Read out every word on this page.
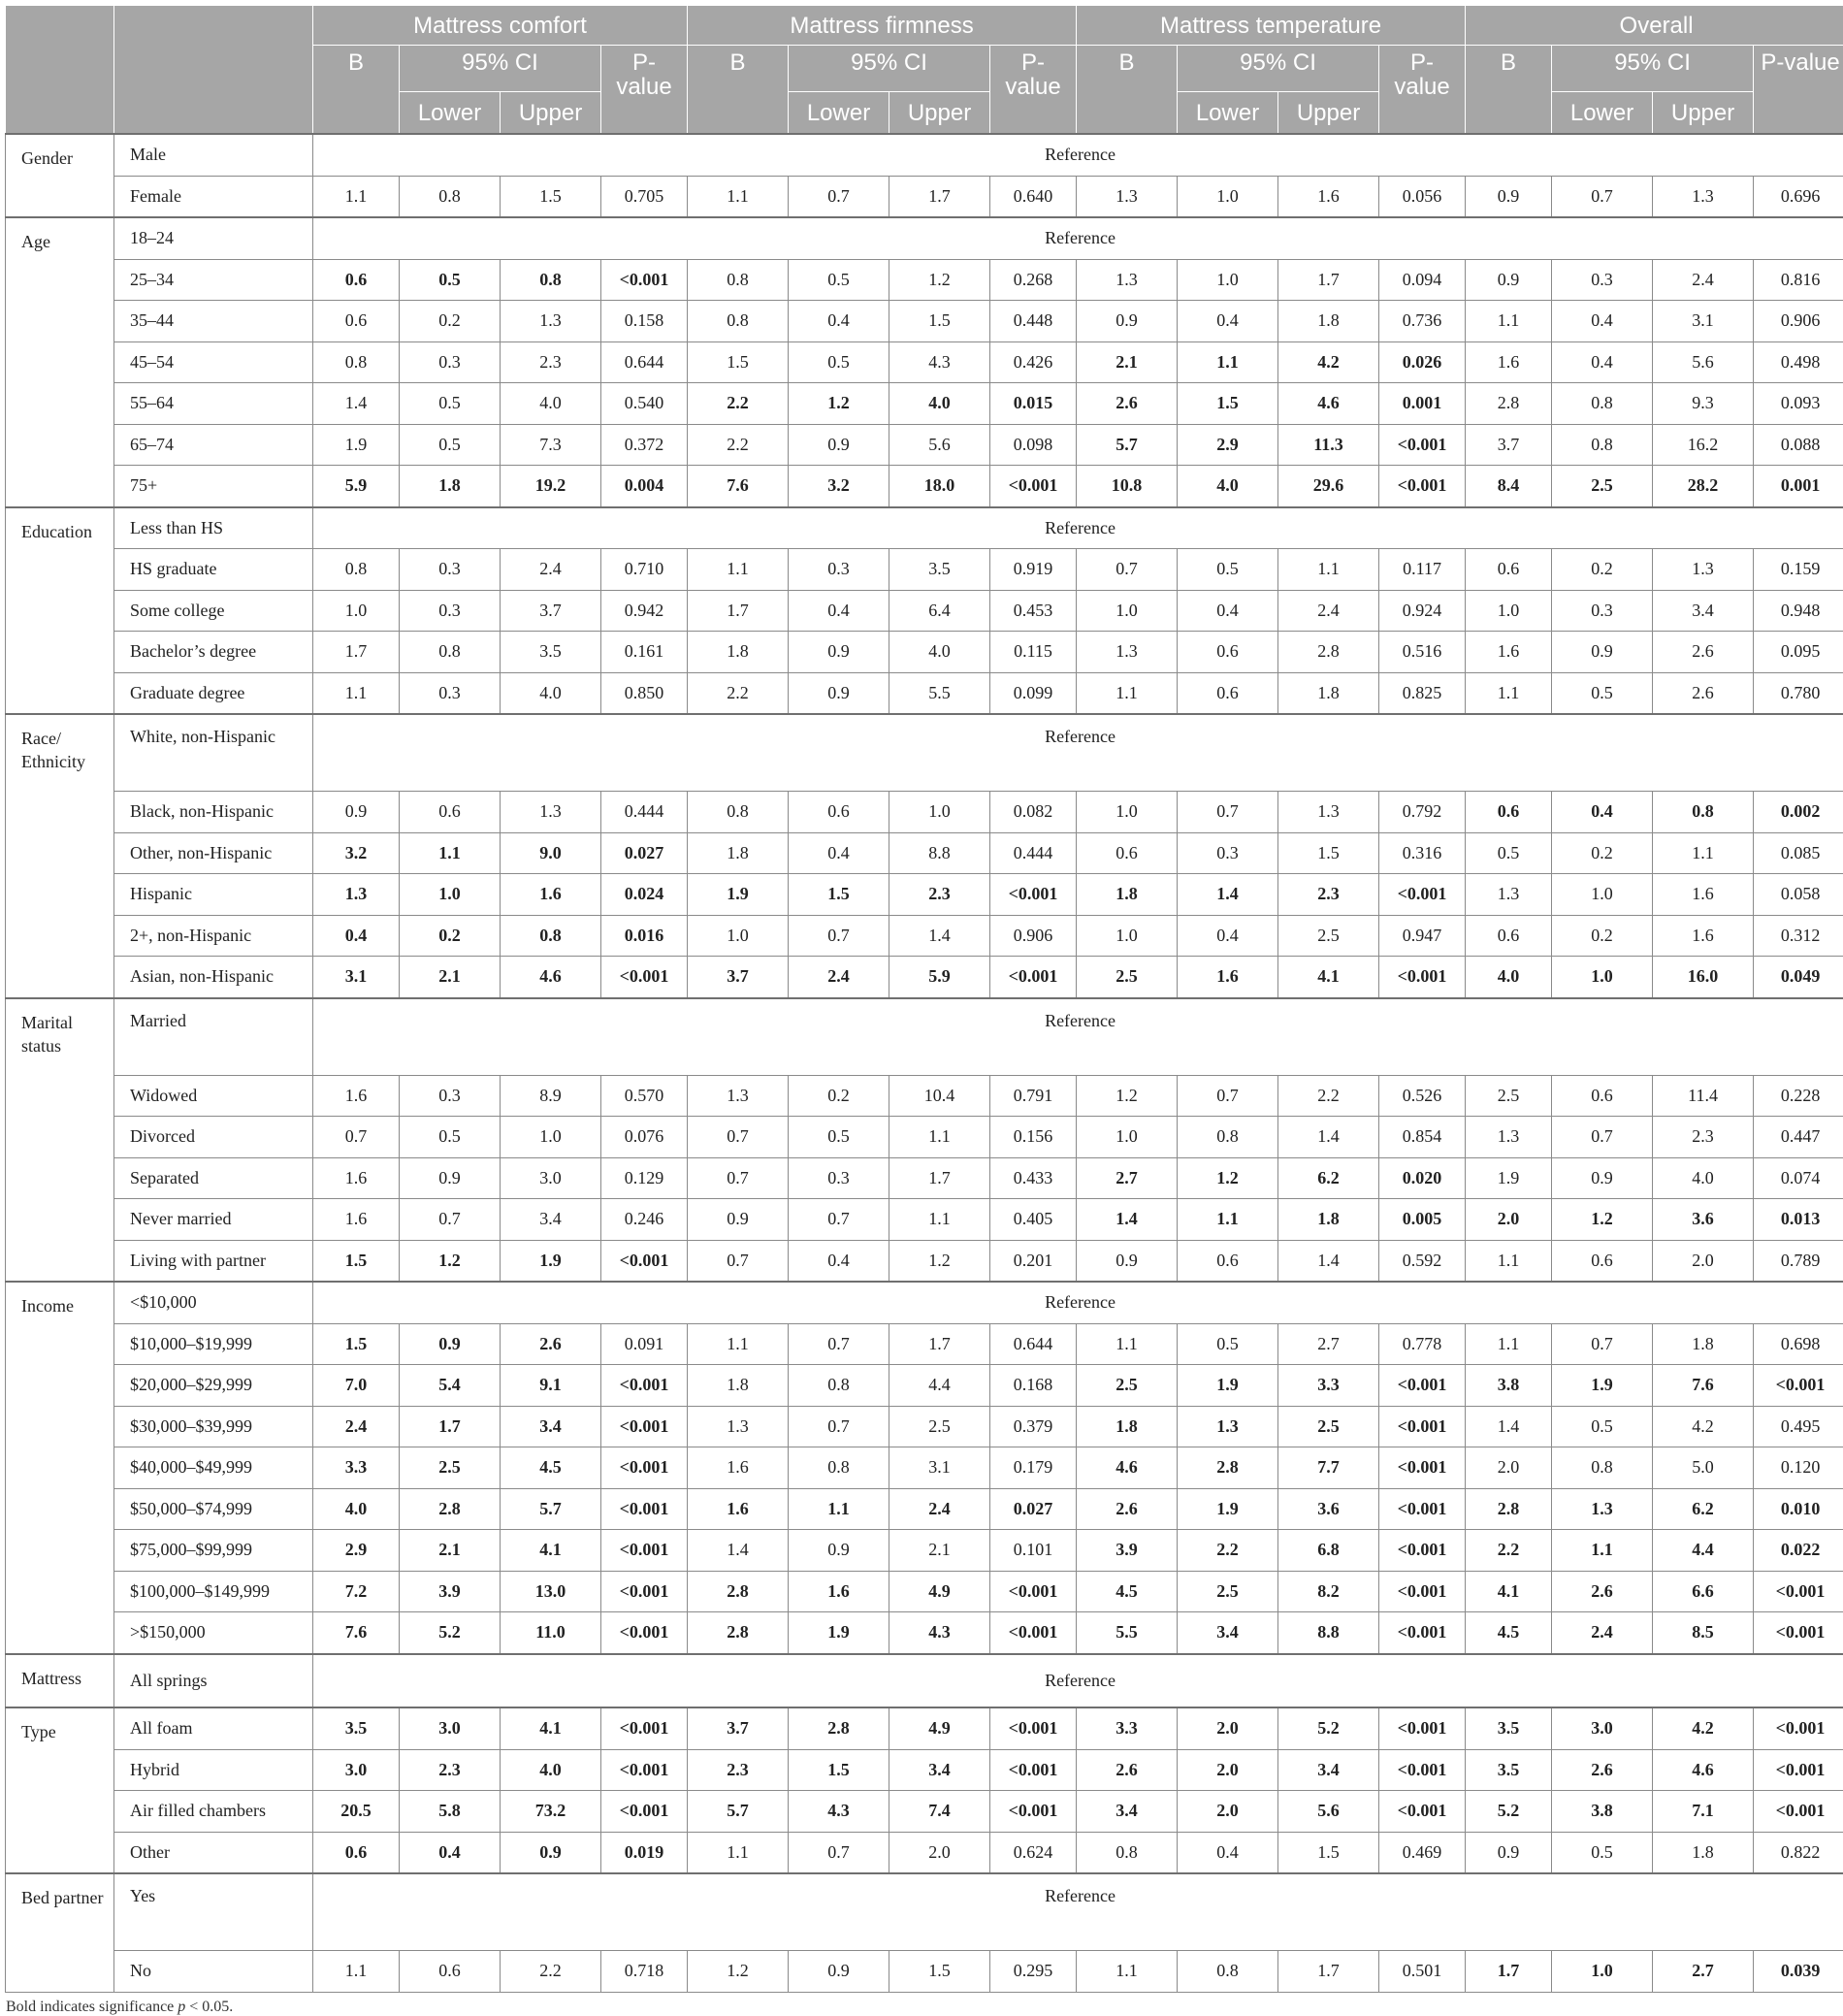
		Mattress comfort				Mattress firmness				Mattress temperature				Overall			
		B	95% CI		P-value	B	95% CI		P-value	B	95% CI		P-value	B	95% CI		P-value
			Lower	Upper			Lower	Upper			Lower	Upper			Lower	Upper	
Gender	Male	Reference															
	Female	1.1	0.8	1.5	0.705	1.1	0.7	1.7	0.640	1.3	1.0	1.6	0.056	0.9	0.7	1.3	0.696
Age	18–24	Reference															
	25–34	0.6	0.5	0.8	<0.001	0.8	0.5	1.2	0.268	1.3	1.0	1.7	0.094	0.9	0.3	2.4	0.816
	35–44	0.6	0.2	1.3	0.158	0.8	0.4	1.5	0.448	0.9	0.4	1.8	0.736	1.1	0.4	3.1	0.906
	45–54	0.8	0.3	2.3	0.644	1.5	0.5	4.3	0.426	2.1	1.1	4.2	0.026	1.6	0.4	5.6	0.498
	55–64	1.4	0.5	4.0	0.540	2.2	1.2	4.0	0.015	2.6	1.5	4.6	0.001	2.8	0.8	9.3	0.093
	65–74	1.9	0.5	7.3	0.372	2.2	0.9	5.6	0.098	5.7	2.9	11.3	<0.001	3.7	0.8	16.2	0.088
	75+	5.9	1.8	19.2	0.004	7.6	3.2	18.0	<0.001	10.8	4.0	29.6	<0.001	8.4	2.5	28.2	0.001
Education	Less than HS	Reference															
	HS graduate	0.8	0.3	2.4	0.710	1.1	0.3	3.5	0.919	0.7	0.5	1.1	0.117	0.6	0.2	1.3	0.159
	Some college	1.0	0.3	3.7	0.942	1.7	0.4	6.4	0.453	1.0	0.4	2.4	0.924	1.0	0.3	3.4	0.948
	Bachelor’s degree	1.7	0.8	3.5	0.161	1.8	0.9	4.0	0.115	1.3	0.6	2.8	0.516	1.6	0.9	2.6	0.095
	Graduate degree	1.1	0.3	4.0	0.850	2.2	0.9	5.5	0.099	1.1	0.6	1.8	0.825	1.1	0.5	2.6	0.780
Race/ Ethnicity	White, non-Hispanic	Reference															
	Black, non-Hispanic	0.9	0.6	1.3	0.444	0.8	0.6	1.0	0.082	1.0	0.7	1.3	0.792	0.6	0.4	0.8	0.002
	Other, non-Hispanic	3.2	1.1	9.0	0.027	1.8	0.4	8.8	0.444	0.6	0.3	1.5	0.316	0.5	0.2	1.1	0.085
	Hispanic	1.3	1.0	1.6	0.024	1.9	1.5	2.3	<0.001	1.8	1.4	2.3	<0.001	1.3	1.0	1.6	0.058
	2+, non-Hispanic	0.4	0.2	0.8	0.016	1.0	0.7	1.4	0.906	1.0	0.4	2.5	0.947	0.6	0.2	1.6	0.312
	Asian, non-Hispanic	3.1	2.1	4.6	<0.001	3.7	2.4	5.9	<0.001	2.5	1.6	4.1	<0.001	4.0	1.0	16.0	0.049
Marital status	Married	Reference															
	Widowed	1.6	0.3	8.9	0.570	1.3	0.2	10.4	0.791	1.2	0.7	2.2	0.526	2.5	0.6	11.4	0.228
	Divorced	0.7	0.5	1.0	0.076	0.7	0.5	1.1	0.156	1.0	0.8	1.4	0.854	1.3	0.7	2.3	0.447
	Separated	1.6	0.9	3.0	0.129	0.7	0.3	1.7	0.433	2.7	1.2	6.2	0.020	1.9	0.9	4.0	0.074
	Never married	1.6	0.7	3.4	0.246	0.9	0.7	1.1	0.405	1.4	1.1	1.8	0.005	2.0	1.2	3.6	0.013
	Living with partner	1.5	1.2	1.9	<0.001	0.7	0.4	1.2	0.201	0.9	0.6	1.4	0.592	1.1	0.6	2.0	0.789
Income	<$10,000	Reference															
	$10,000–$19,999	1.5	0.9	2.6	0.091	1.1	0.7	1.7	0.644	1.1	0.5	2.7	0.778	1.1	0.7	1.8	0.698
	$20,000–$29,999	7.0	5.4	9.1	<0.001	1.8	0.8	4.4	0.168	2.5	1.9	3.3	<0.001	3.8	1.9	7.6	<0.001
	$30,000–$39,999	2.4	1.7	3.4	<0.001	1.3	0.7	2.5	0.379	1.8	1.3	2.5	<0.001	1.4	0.5	4.2	0.495
	$40,000–$49,999	3.3	2.5	4.5	<0.001	1.6	0.8	3.1	0.179	4.6	2.8	7.7	<0.001	2.0	0.8	5.0	0.120
	$50,000–$74,999	4.0	2.8	5.7	<0.001	1.6	1.1	2.4	0.027	2.6	1.9	3.6	<0.001	2.8	1.3	6.2	0.010
	$75,000–$99,999	2.9	2.1	4.1	<0.001	1.4	0.9	2.1	0.101	3.9	2.2	6.8	<0.001	2.2	1.1	4.4	0.022
	$100,000–$149,999	7.2	3.9	13.0	<0.001	2.8	1.6	4.9	<0.001	4.5	2.5	8.2	<0.001	4.1	2.6	6.6	<0.001
	>$150,000	7.6	5.2	11.0	<0.001	2.8	1.9	4.3	<0.001	5.5	3.4	8.8	<0.001	4.5	2.4	8.5	<0.001
Mattress	All springs	Reference															
Type	All foam	3.5	3.0	4.1	<0.001	3.7	2.8	4.9	<0.001	3.3	2.0	5.2	<0.001	3.5	3.0	4.2	<0.001
	Hybrid	3.0	2.3	4.0	<0.001	2.3	1.5	3.4	<0.001	2.6	2.0	3.4	<0.001	3.5	2.6	4.6	<0.001
	Air filled chambers	20.5	5.8	73.2	<0.001	5.7	4.3	7.4	<0.001	3.4	2.0	5.6	<0.001	5.2	3.8	7.1	<0.001
	Other	0.6	0.4	0.9	0.019	1.1	0.7	2.0	0.624	0.8	0.4	1.5	0.469	0.9	0.5	1.8	0.822
Bed partner	Yes	Reference															
	No	1.1	0.6	2.2	0.718	1.2	0.9	1.5	0.295	1.1	0.8	1.7	0.501	1.7	1.0	2.7	0.039
Bold indicates significance p < 0.05.
